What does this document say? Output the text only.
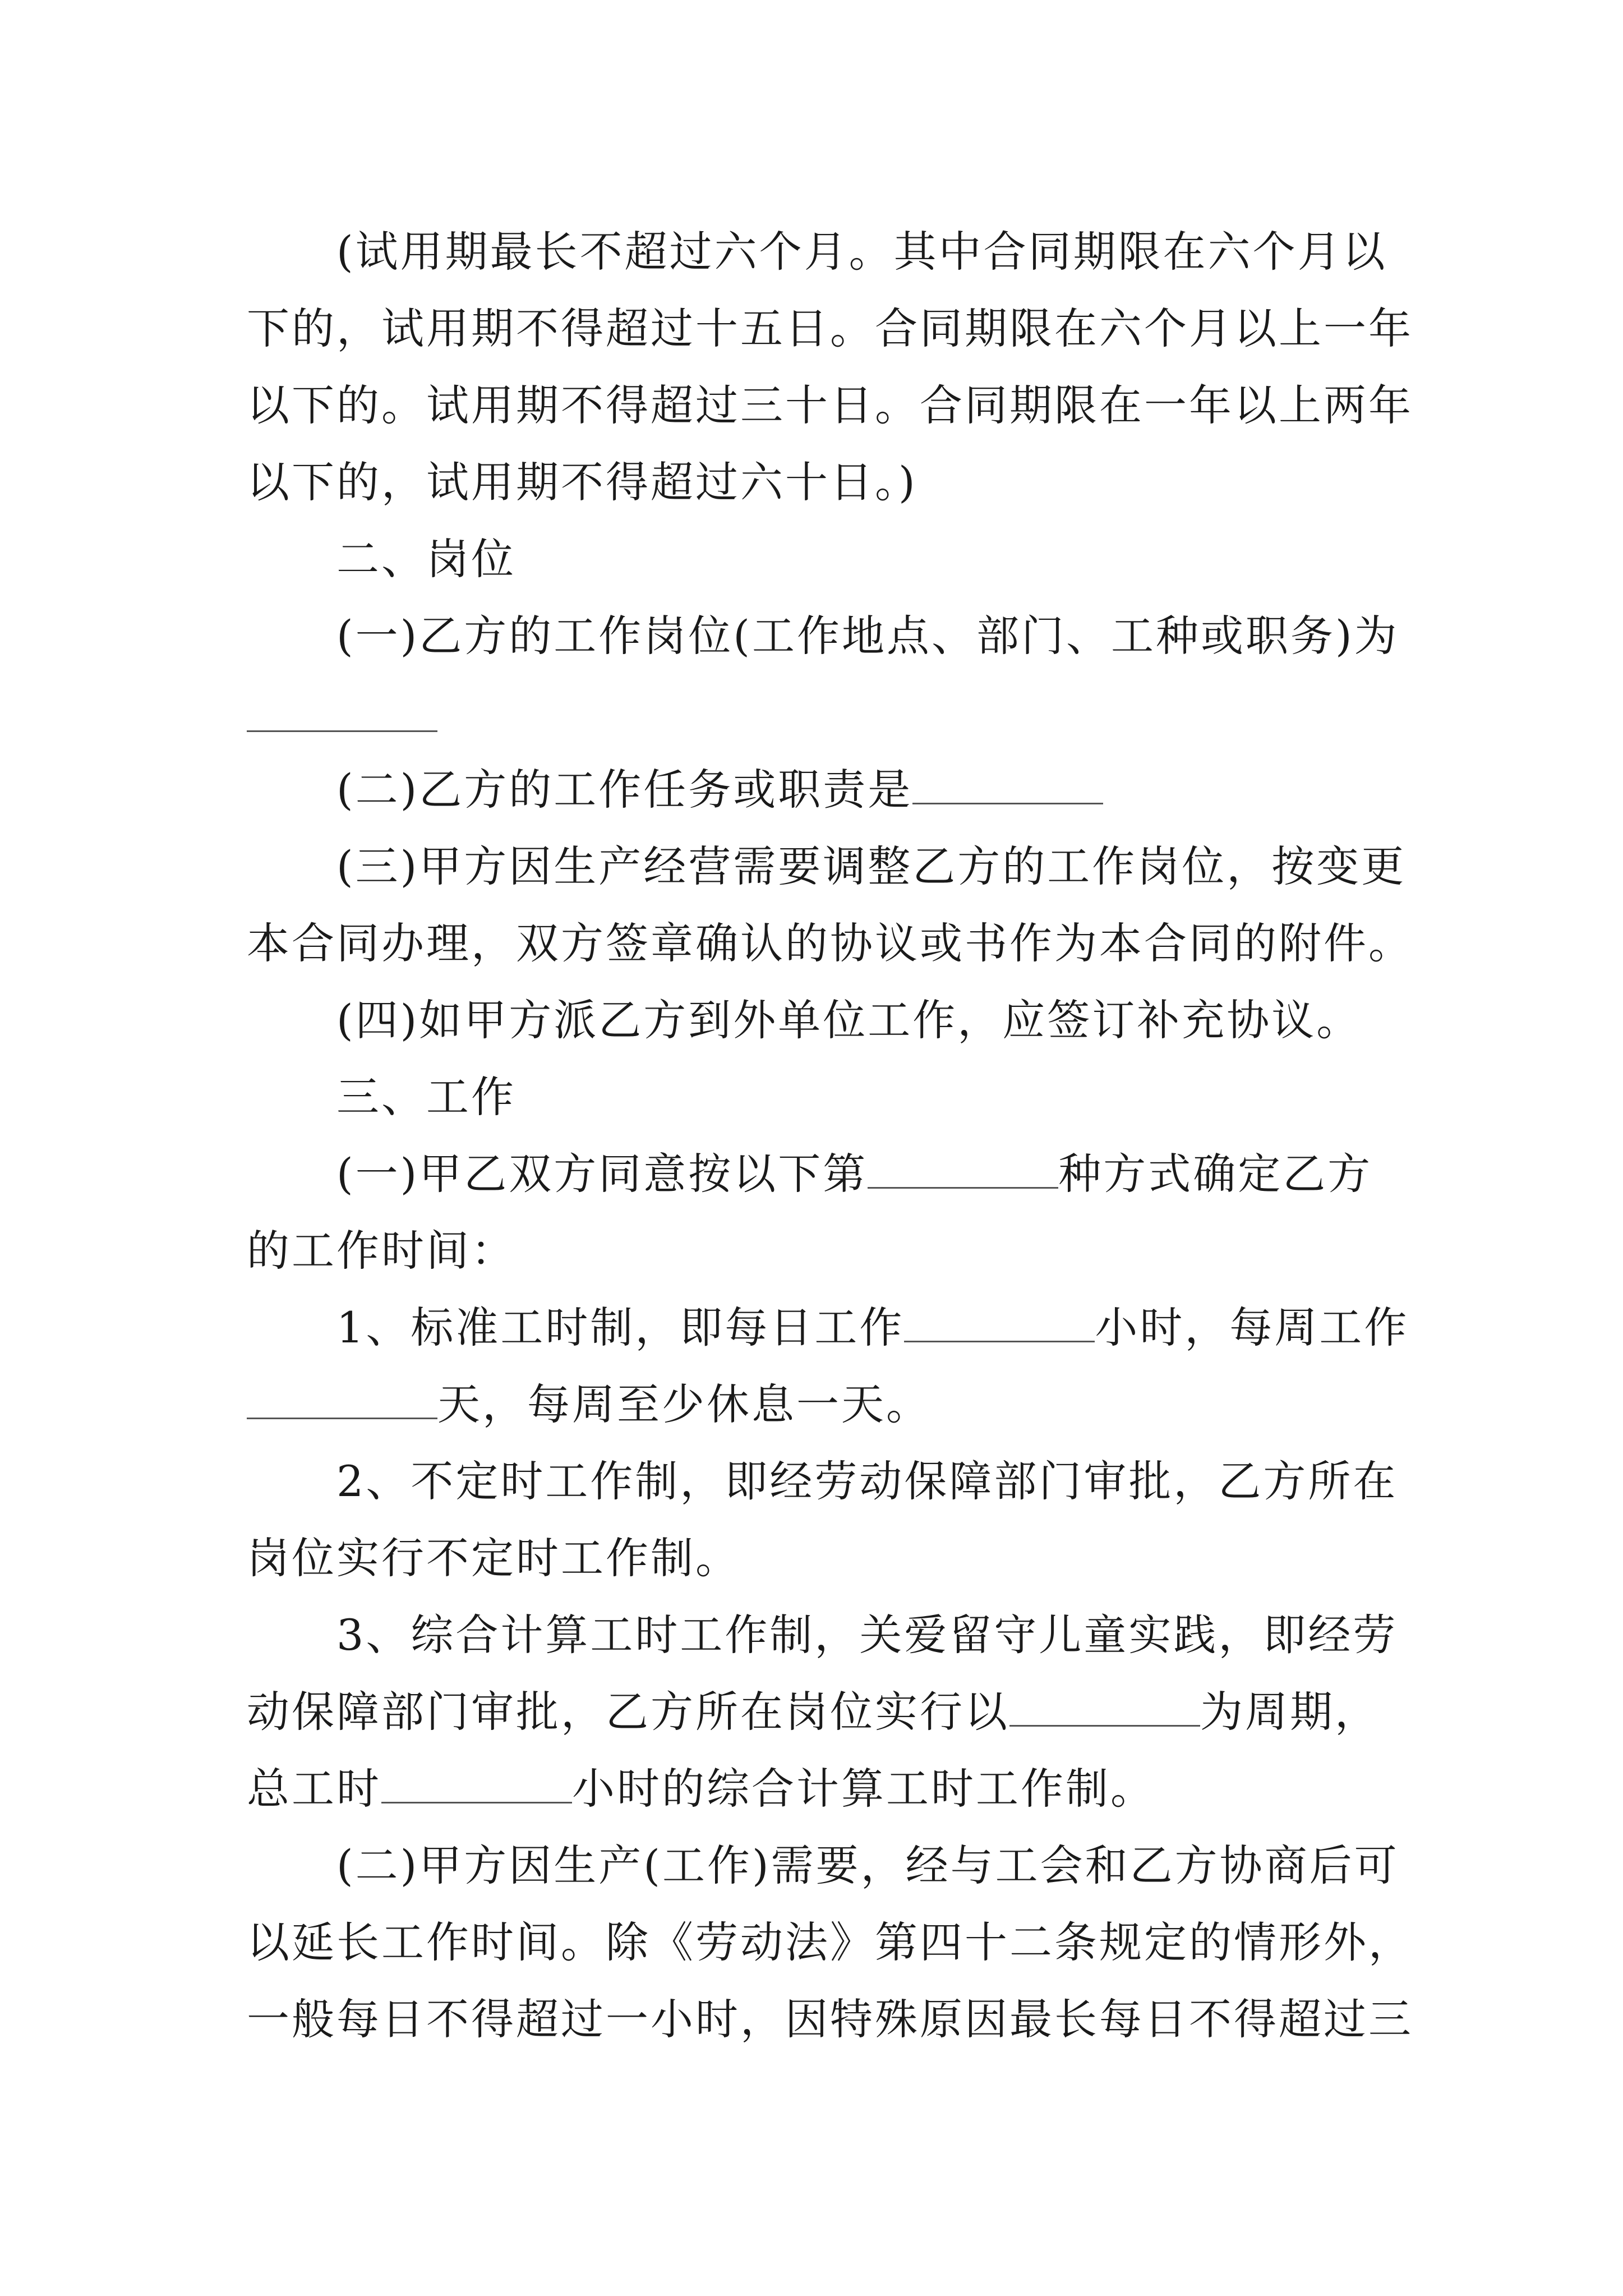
(试用期最长不超过六个月。其中合同期限在六个月以

下的，试用期不得超过十五日。合同期限在六个月以上一年

以下的。试用期不得超过三十日。合同期限在一年以上两年

以下的，试用期不得超过六十日。)

二、岗位

(一)乙方的工作岗位(工作地点、部门、工种或职务)为

(二)乙方的工作任务或职责是

(三)甲方因生产经营需要调整乙方的工作岗位，按变更

本合同办理，双方签章确认的协议或书作为本合同的附件。

(四)如甲方派乙方到外单位工作，应签订补充协议。

三、工作

(一)甲乙双方同意按以下第	种方式确定乙方

的工作时间：

1、标准工时制，即每日工作	小时，每周工作

天，每周至少休息一天。

2、不定时工作制，即经劳动保障部门审批，乙方所在

岗位实行不定时工作制。

3、综合计算工时工作制，关爱留守儿童实践，即经劳

动保障部门审批，乙方所在岗位实行以	为周期，

总工时	小时的综合计算工时工作制。

(二)甲方因生产(工作)需要，经与工会和乙方协商后可

以延长工作时间。除《劳动法》第四十二条规定的情形外，

一般每日不得超过一小时，因特殊原因最长每日不得超过三
